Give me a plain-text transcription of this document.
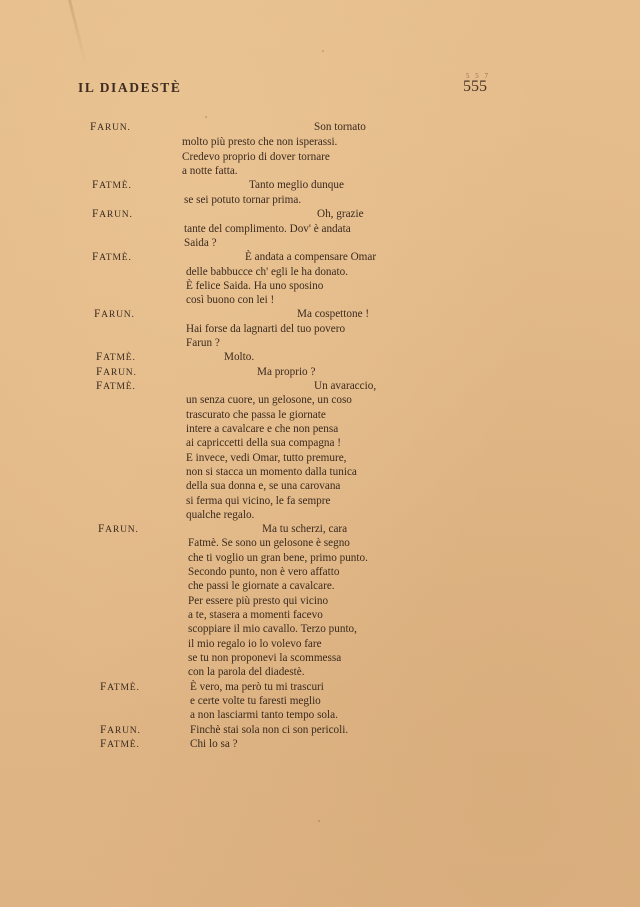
IL DIADESTÈ
5 5 7
555
FARUN.	Son tornato
molto più presto che non isperassi.
Credevo proprio di dover tornare
a notte fatta.
FATMÈ.	Tanto meglio dunque
se sei potuto tornar prima.
FARUN.	Oh, grazie
tante del complimento. Dov' è andata
Saida ?
FATMÈ.	È andata a compensare Omar
delle babbucce ch' egli le ha donato.
È felice Saida. Ha uno sposino
così buono con lei !
FARUN.	Ma cospettone !
Hai forse da lagnarti del tuo povero
Farun ?
FATMÈ.	Molto.
FARUN.	Ma proprio ?
FATMÈ.	Un avaraccio,
un senza cuore, un gelosone, un coso
trascurato che passa le giornate
intere a cavalcare e che non pensa
ai capriccetti della sua compagna !
E invece, vedi Omar, tutto premure,
non si stacca un momento dalla tunica
della sua donna e, se una carovana
si ferma qui vicino, le fa sempre
qualche regalo.
FARUN.	Ma tu scherzi, cara
Fatmè. Se sono un gelosone è segno
che ti voglio un gran bene, primo punto.
Secondo punto, non è vero affatto
che passi le giornate a cavalcare.
Per essere più presto qui vicino
a te, stasera a momenti facevo
scoppiare il mio cavallo. Terzo punto,
il mio regalo io lo volevo fare
se tu non proponevi la scommessa
con la parola del diadestè.
FATMÈ.	È vero, ma però tu mi trascuri
e certe volte tu faresti meglio
a non lasciarmi tanto tempo sola.
FARUN.	Finchè stai sola non ci son pericoli.
FATMÈ.	Chi lo sa ?
